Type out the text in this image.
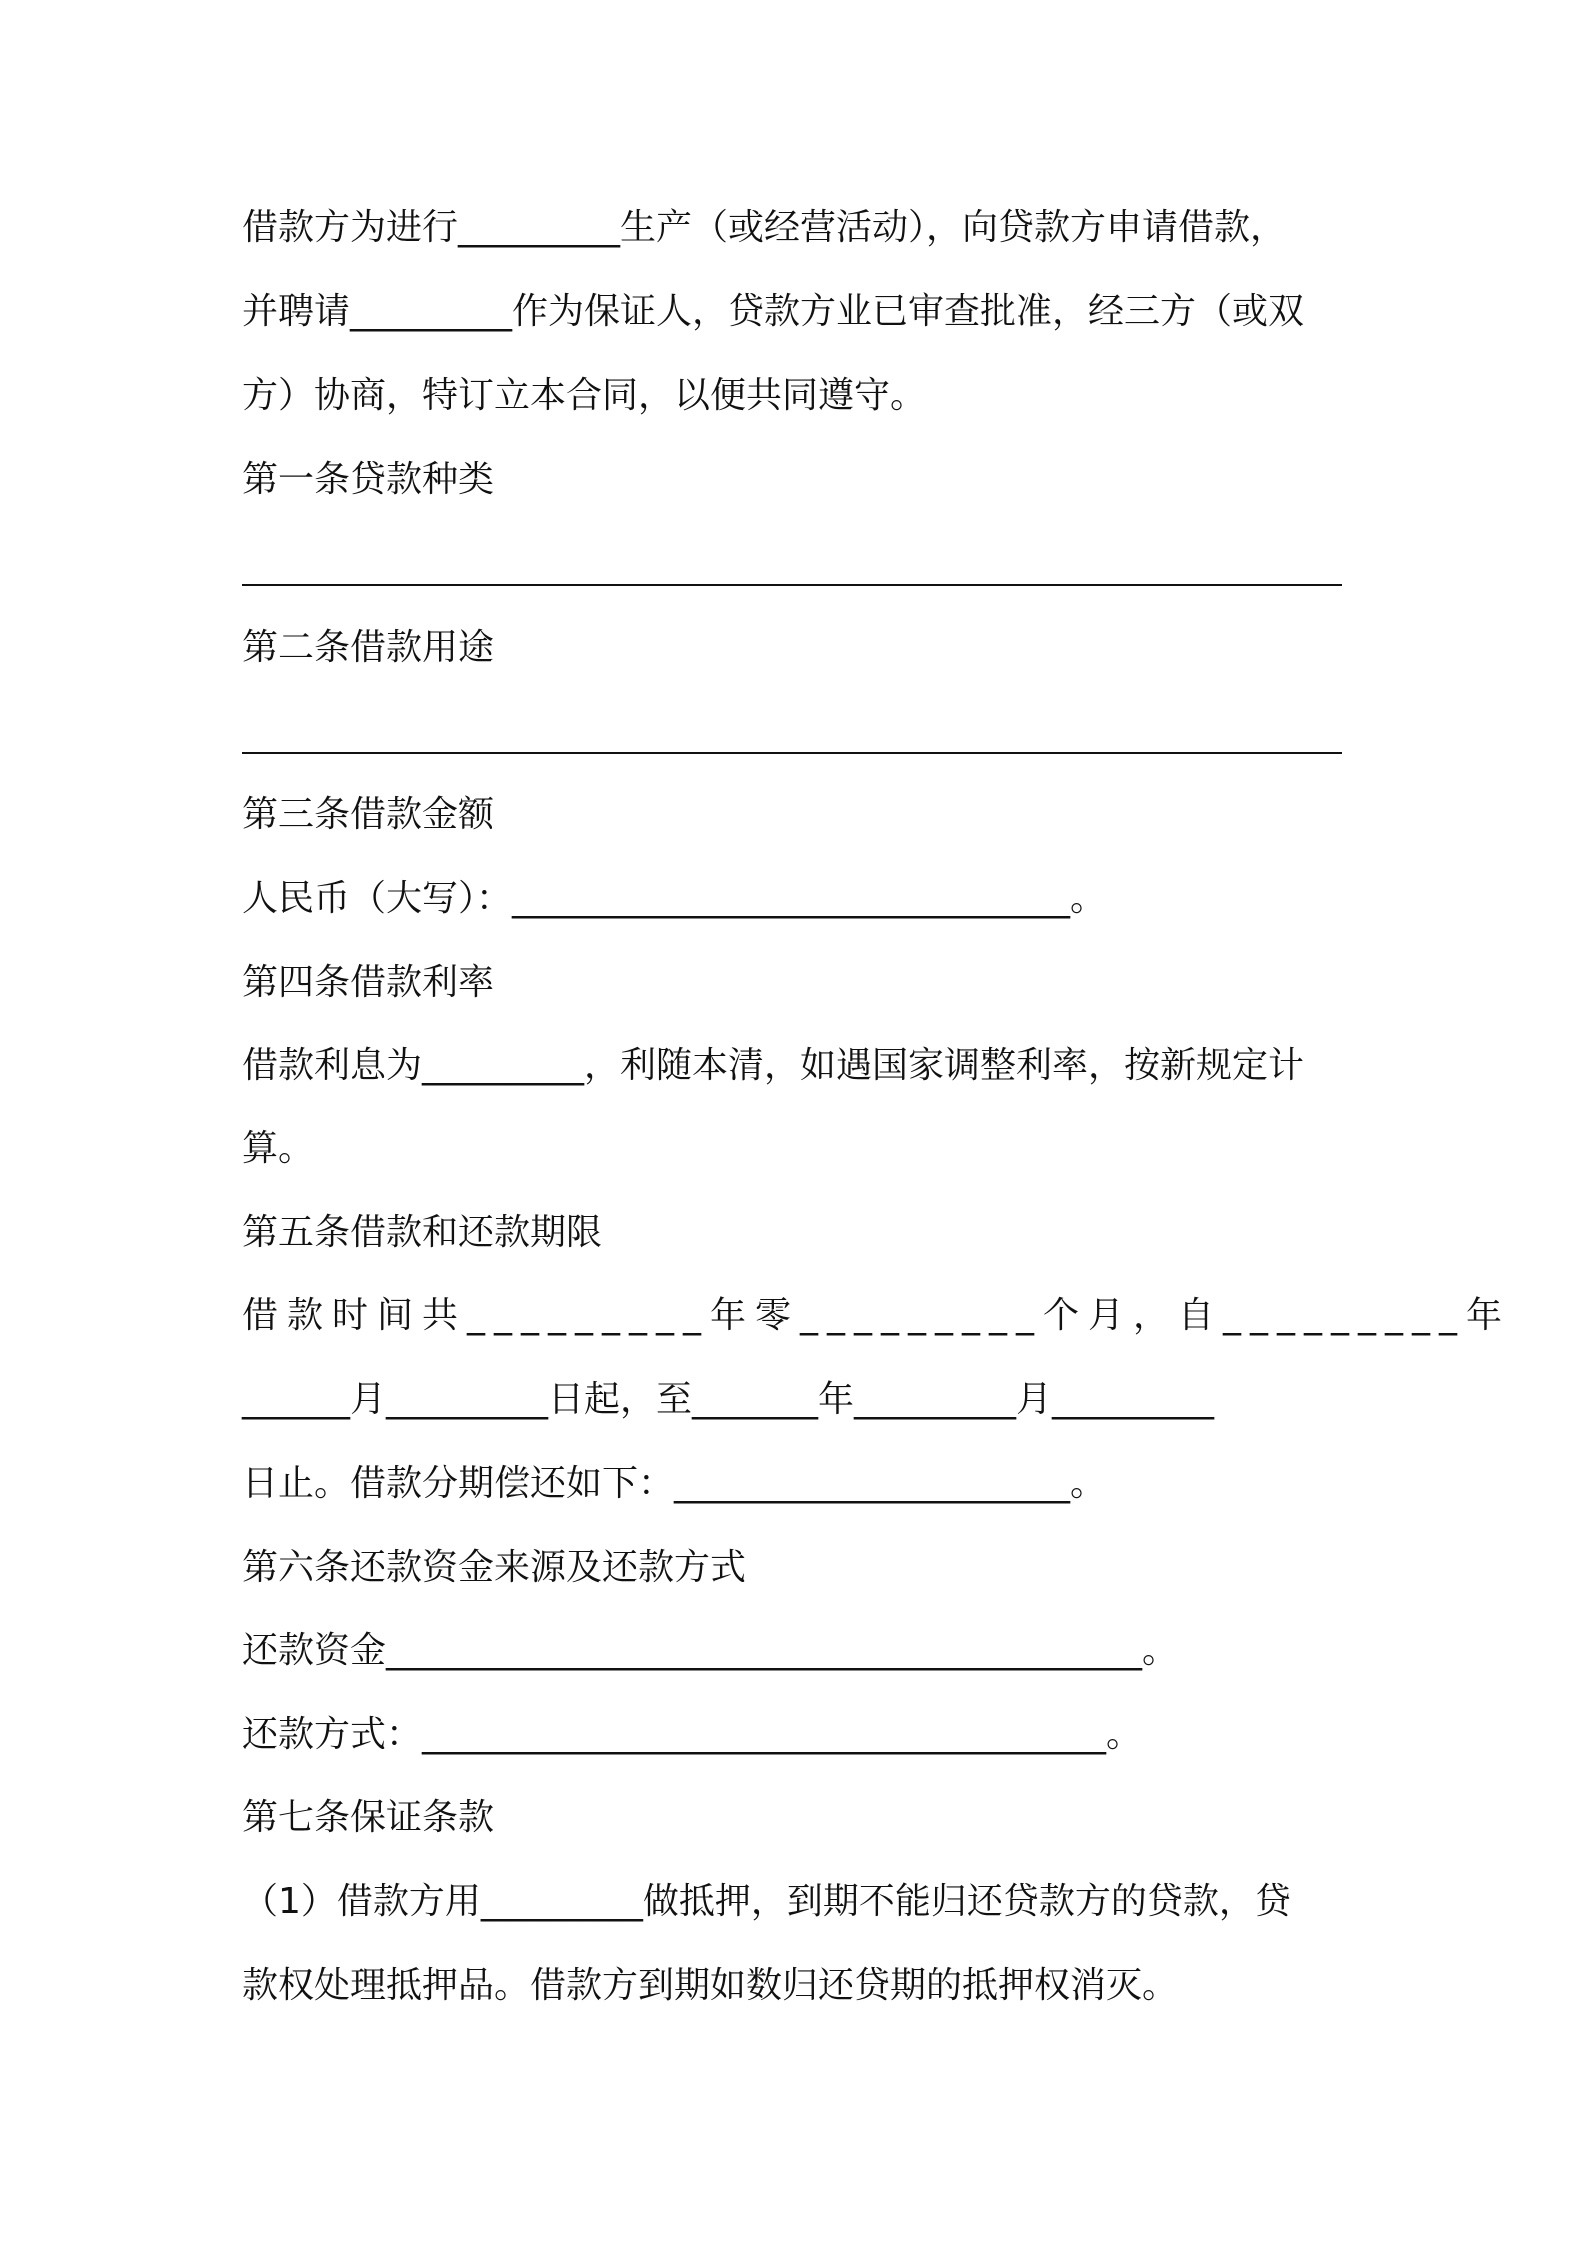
借款方为进行_________生产（或经营活动），向贷款方申请借款，
并聘请_________作为保证人，贷款方业已审查批准，经三方（或双
方）协商，特订立本合同，以便共同遵守。
第一条贷款种类
第二条借款用途
第三条借款金额
人民币（大写）：_______________________________。
第四条借款利率
借款利息为_________，利随本清，如遇国家调整利率，按新规定计
算。
第五条借款和还款期限
借款时间共_________年零_________个月，自_________年
______月_________日起，至_______年_________月_________
日止。借款分期偿还如下：______________________。
第六条还款资金来源及还款方式
还款资金__________________________________________。
还款方式：______________________________________。
第七条保证条款
（1）借款方用_________做抵押，到期不能归还贷款方的贷款，贷
款权处理抵押品。借款方到期如数归还贷期的抵押权消灭。
